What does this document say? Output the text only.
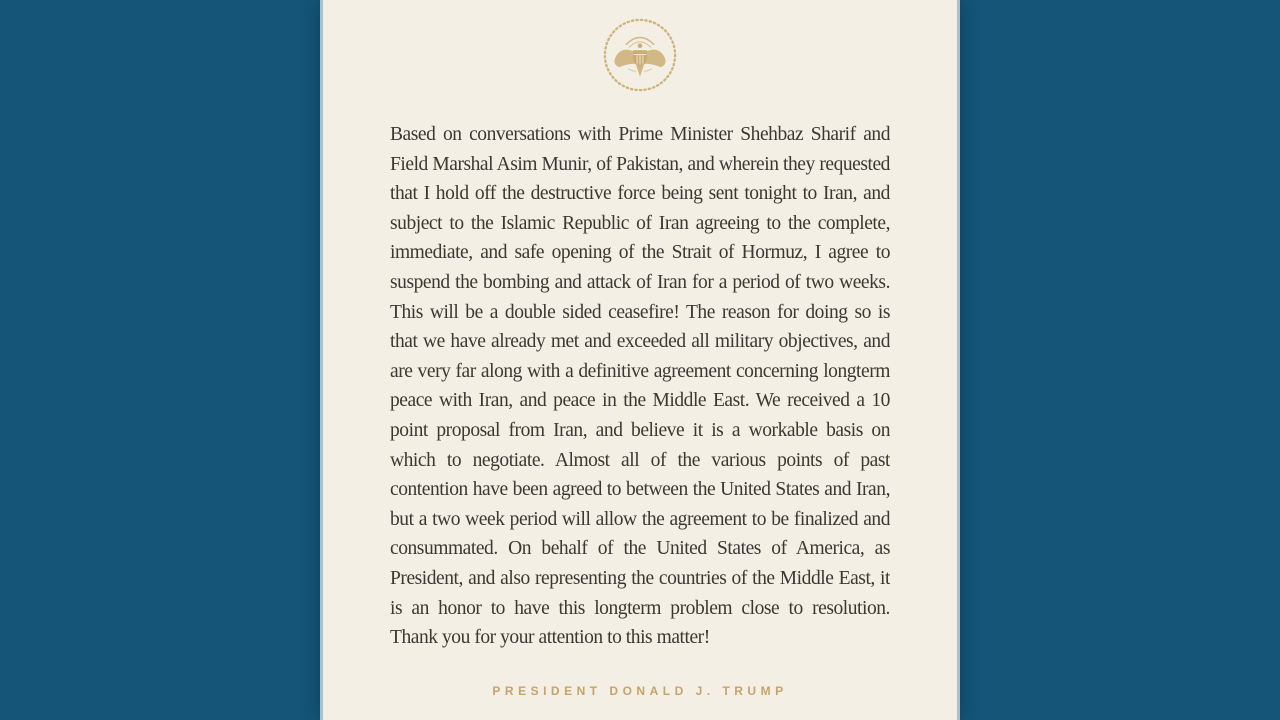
Based on conversations with Prime Minister Shehbaz Sharif and Field Marshal Asim Munir, of Pakistan, and wherein they requested that I hold off the destructive force being sent tonight to Iran, and subject to the Islamic Republic of Iran agreeing to the complete, immediate, and safe opening of the Strait of Hormuz, I agree to suspend the bombing and attack of Iran for a period of two weeks. This will be a double sided ceasefire! The reason for doing so is that we have already met and exceeded all military objectives, and are very far along with a definitive agreement concerning longterm peace with Iran, and peace in the Middle East. We received a 10 point proposal from Iran, and believe it is a workable basis on which to negotiate. Almost all of the various points of past contention have been agreed to between the United States and Iran, but a two week period will allow the agreement to be finalized and consummated. On behalf of the United States of America, as President, and also representing the countries of the Middle East, it is an honor to have this longterm problem close to resolution. Thank you for your attention to this matter!
PRESIDENT DONALD J. TRUMP
